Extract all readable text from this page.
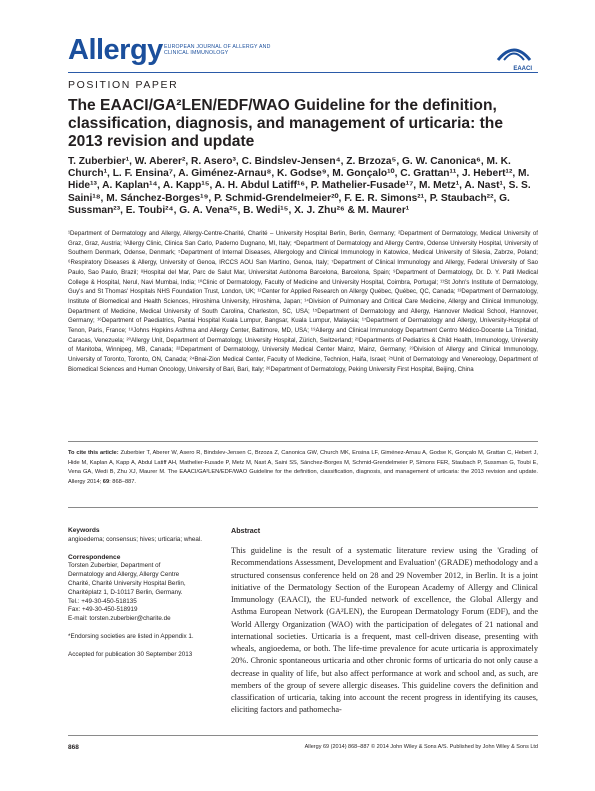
Allergy EUROPEAN JOURNAL OF ALLERGY AND CLINICAL IMMUNOLOGY
EAACI
POSITION PAPER
The EAACI/GA²LEN/EDF/WAO Guideline for the definition, classification, diagnosis, and management of urticaria: the 2013 revision and update
T. Zuberbier¹, W. Aberer², R. Asero³, C. Bindslev-Jensen⁴, Z. Brzoza⁵, G. W. Canonica⁶, M. K. Church¹, L. F. Ensina⁷, A. Giménez-Arnau⁸, K. Godse⁹, M. Gonçalo¹⁰, C. Grattan¹¹, J. Hebert¹², M. Hide¹³, A. Kaplan¹⁴, A. Kapp¹⁵, A. H. Abdul Latiff¹⁶, P. Mathelier-Fusade¹⁷, M. Metz¹, A. Nast¹, S. S. Saini¹⁸, M. Sánchez-Borges¹⁹, P. Schmid-Grendelmeier²⁰, F. E. R. Simons²¹, P. Staubach²², G. Sussman²³, E. Toubi²⁴, G. A. Vena²⁵, B. Wedi¹⁵, X. J. Zhu²⁶ & M. Maurer¹
¹Department of Dermatology and Allergy, Allergy-Centre-Charité, Charité – University Hospital Berlin, Berlin, Germany; ²Department of Dermatology, Medical University of Graz, Graz, Austria; ³Allergy Clinic, Clinica San Carlo, Paderno Dugnano, MI, Italy; ⁴Department of Dermatology and Allergy Centre, Odense University Hospital, University of Southern Denmark, Odense, Denmark; ⁵Department of Internal Diseases, Allergology and Clinical Immunology in Katowice, Medical University of Silesia, Zabrze, Poland; ⁶Respiratory Diseases & Allergy, University of Genoa, IRCCS AOU San Martino, Genoa, Italy; ⁷Department of Clinical Immunology and Allergy, Federal University of Sao Paulo, Sao Paulo, Brazil; ⁸Hospital del Mar, Parc de Salut Mar, Universitat Autònoma Barcelona, Barcelona, Spain; ⁹Department of Dermatology, Dr. D. Y. Patil Medical College & Hospital, Nerul, Navi Mumbai, India; ¹⁰Clinic of Dermatology, Faculty of Medicine and University Hospital, Coimbra, Portugal; ¹¹St John's Institute of Dermatology, Guy's and St Thomas' Hospitals NHS Foundation Trust, London, UK; ¹²Center for Applied Research on Allergy Québec, Québec, QC, Canada; ¹³Department of Dermatology, Institute of Biomedical and Health Sciences, Hiroshima University, Hiroshima, Japan; ¹⁴Division of Pulmonary and Critical Care Medicine, Allergy and Clinical Immunology, Department of Medicine, Medical University of South Carolina, Charleston, SC, USA; ¹⁵Department of Dermatology and Allergy, Hannover Medical School, Hannover, Germany; ¹⁶Department of Paediatrics, Pantai Hospital Kuala Lumpur, Bangsar, Kuala Lumpur, Malaysia; ¹⁷Department of Dermatology and Allergy, University-Hospital of Tenon, Paris, France; ¹⁸Johns Hopkins Asthma and Allergy Center, Baltimore, MD, USA; ¹⁹Allergy and Clinical Immunology Department Centro Médico-Docente La Trinidad, Caracas, Venezuela; ²⁰Allergy Unit, Department of Dermatology, University Hospital, Zürich, Switzerland; ²¹Departments of Pediatrics & Child Health, Immunology, University of Manitoba, Winnipeg, MB, Canada; ²²Department of Dermatology, University Medical Center Mainz, Mainz, Germany; ²³Division of Allergy and Clinical Immunology, University of Toronto, Toronto, ON, Canada; ²⁴Bnai-Zion Medical Center, Faculty of Medicine, Technion, Haifa, Israel; ²⁵Unit of Dermatology and Venereology, Department of Biomedical Sciences and Human Oncology, University of Bari, Bari, Italy; ²⁶Department of Dermatology, Peking University First Hospital, Beijing, China
To cite this article: Zuberbier T, Aberer W, Asero R, Bindslev-Jensen C, Brzoza Z, Canonica GW, Church MK, Ensina LF, Giménez-Arnau A, Godse K, Gonçalo M, Grattan C, Hebert J, Hide M, Kaplan A, Kapp A, Abdul Latiff AH, Mathelier-Fusade P, Metz M, Nast A, Saini SS, Sánchez-Borges M, Schmid-Grendelmeier P, Simons FER, Staubach P, Sussman G, Toubi E, Vena GA, Wedi B, Zhu XJ, Maurer M. The EAACI/GA²LEN/EDF/WAO Guideline for the definition, classification, diagnosis, and management of urticaria: the 2013 revision and update. Allergy 2014; 69: 868–887.
Keywords

angioedema; consensus; hives; urticaria; wheal.

Correspondence

Torsten Zuberbier, Department of

Dermatology and Allergy, Allergy Centre

Charité, Charité University Hospital Berlin,

Charitéplatz 1, D-10117 Berlin, Germany.

Tel.: +49-30-450-518135

Fax: +49-30-450-518919

E-mail: torsten.zuberbier@charite.de

*Endorsing societies are listed in Appendix 1.

Accepted for publication 30 September 2013

Abstract
This guideline is the result of a systematic literature review using the 'Grading of Recommendations Assessment, Development and Evaluation' (GRADE) methodology and a structured consensus conference held on 28 and 29 November 2012, in Berlin. It is a joint initiative of the Dermatology Section of the European Academy of Allergy and Clinical Immunology (EAACI), the EU-funded network of excellence, the Global Allergy and Asthma European Network (GA²LEN), the European Dermatology Forum (EDF), and the World Allergy Organization (WAO) with the participation of delegates of 21 national and international societies. Urticaria is a frequent, mast cell-driven disease, presenting with wheals, angioedema, or both. The life-time prevalence for acute urticaria is approximately 20%. Chronic spontaneous urticaria and other chronic forms of urticaria do not only cause a decrease in quality of life, but also affect performance at work and school and, as such, are members of the group of severe allergic diseases. This guideline covers the definition and classification of urticaria, taking into account the recent progress in identifying its causes, eliciting factors and pathomecha-
868	Allergy 69 (2014) 868–887 © 2014 John Wiley & Sons A/S. Published by John Wiley & Sons Ltd
